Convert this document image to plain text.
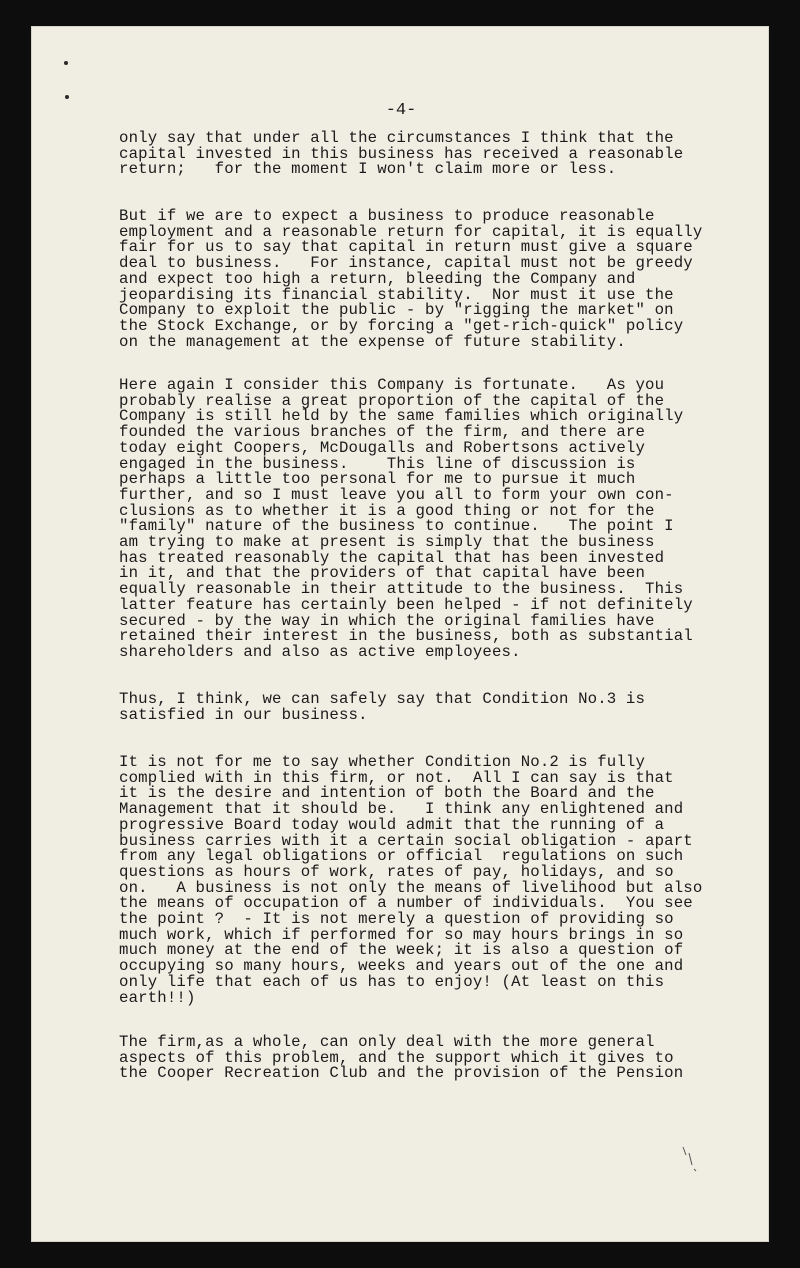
-4-
only say that under all the circumstances I think that the
capital invested in this business has received a reasonable
return;   for the moment I won't claim more or less.
But if we are to expect a business to produce reasonable
employment and a reasonable return for capital, it is equally
fair for us to say that capital in return must give a square
deal to business.   For instance, capital must not be greedy
and expect too high a return, bleeding the Company and
jeopardising its financial stability.  Nor must it use the
Company to exploit the public - by "rigging the market" on
the Stock Exchange, or by forcing a "get-rich-quick" policy
on the management at the expense of future stability.
Here again I consider this Company is fortunate.   As you
probably realise a great proportion of the capital of the
Company is still held by the same families which originally
founded the various branches of the firm, and there are
today eight Coopers, McDougalls and Robertsons actively
engaged in the business.    This line of discussion is
perhaps a little too personal for me to pursue it much
further, and so I must leave you all to form your own con-
clusions as to whether it is a good thing or not for the
"family" nature of the business to continue.   The point I
am trying to make at present is simply that the business
has treated reasonably the capital that has been invested
in it, and that the providers of that capital have been
equally reasonable in their attitude to the business.  This
latter feature has certainly been helped - if not definitely
secured - by the way in which the original families have
retained their interest in the business, both as substantial
shareholders and also as active employees.
Thus, I think, we can safely say that Condition No.3 is
satisfied in our business.
It is not for me to say whether Condition No.2 is fully
complied with in this firm, or not.  All I can say is that
it is the desire and intention of both the Board and the
Management that it should be.   I think any enlightened and
progressive Board today would admit that the running of a
business carries with it a certain social obligation - apart
from any legal obligations or official  regulations on such
questions as hours of work, rates of pay, holidays, and so
on.   A business is not only the means of livelihood but also
the means of occupation of a number of individuals.  You see
the point ?  - It is not merely a question of providing so
much work, which if performed for so may hours brings in so
much money at the end of the week; it is also a question of
occupying so many hours, weeks and years out of the one and
only life that each of us has to enjoy! (At least on this
earth!!)
The firm,as a whole, can only deal with the more general
aspects of this problem, and the support which it gives to
the Cooper Recreation Club and the provision of the Pension
